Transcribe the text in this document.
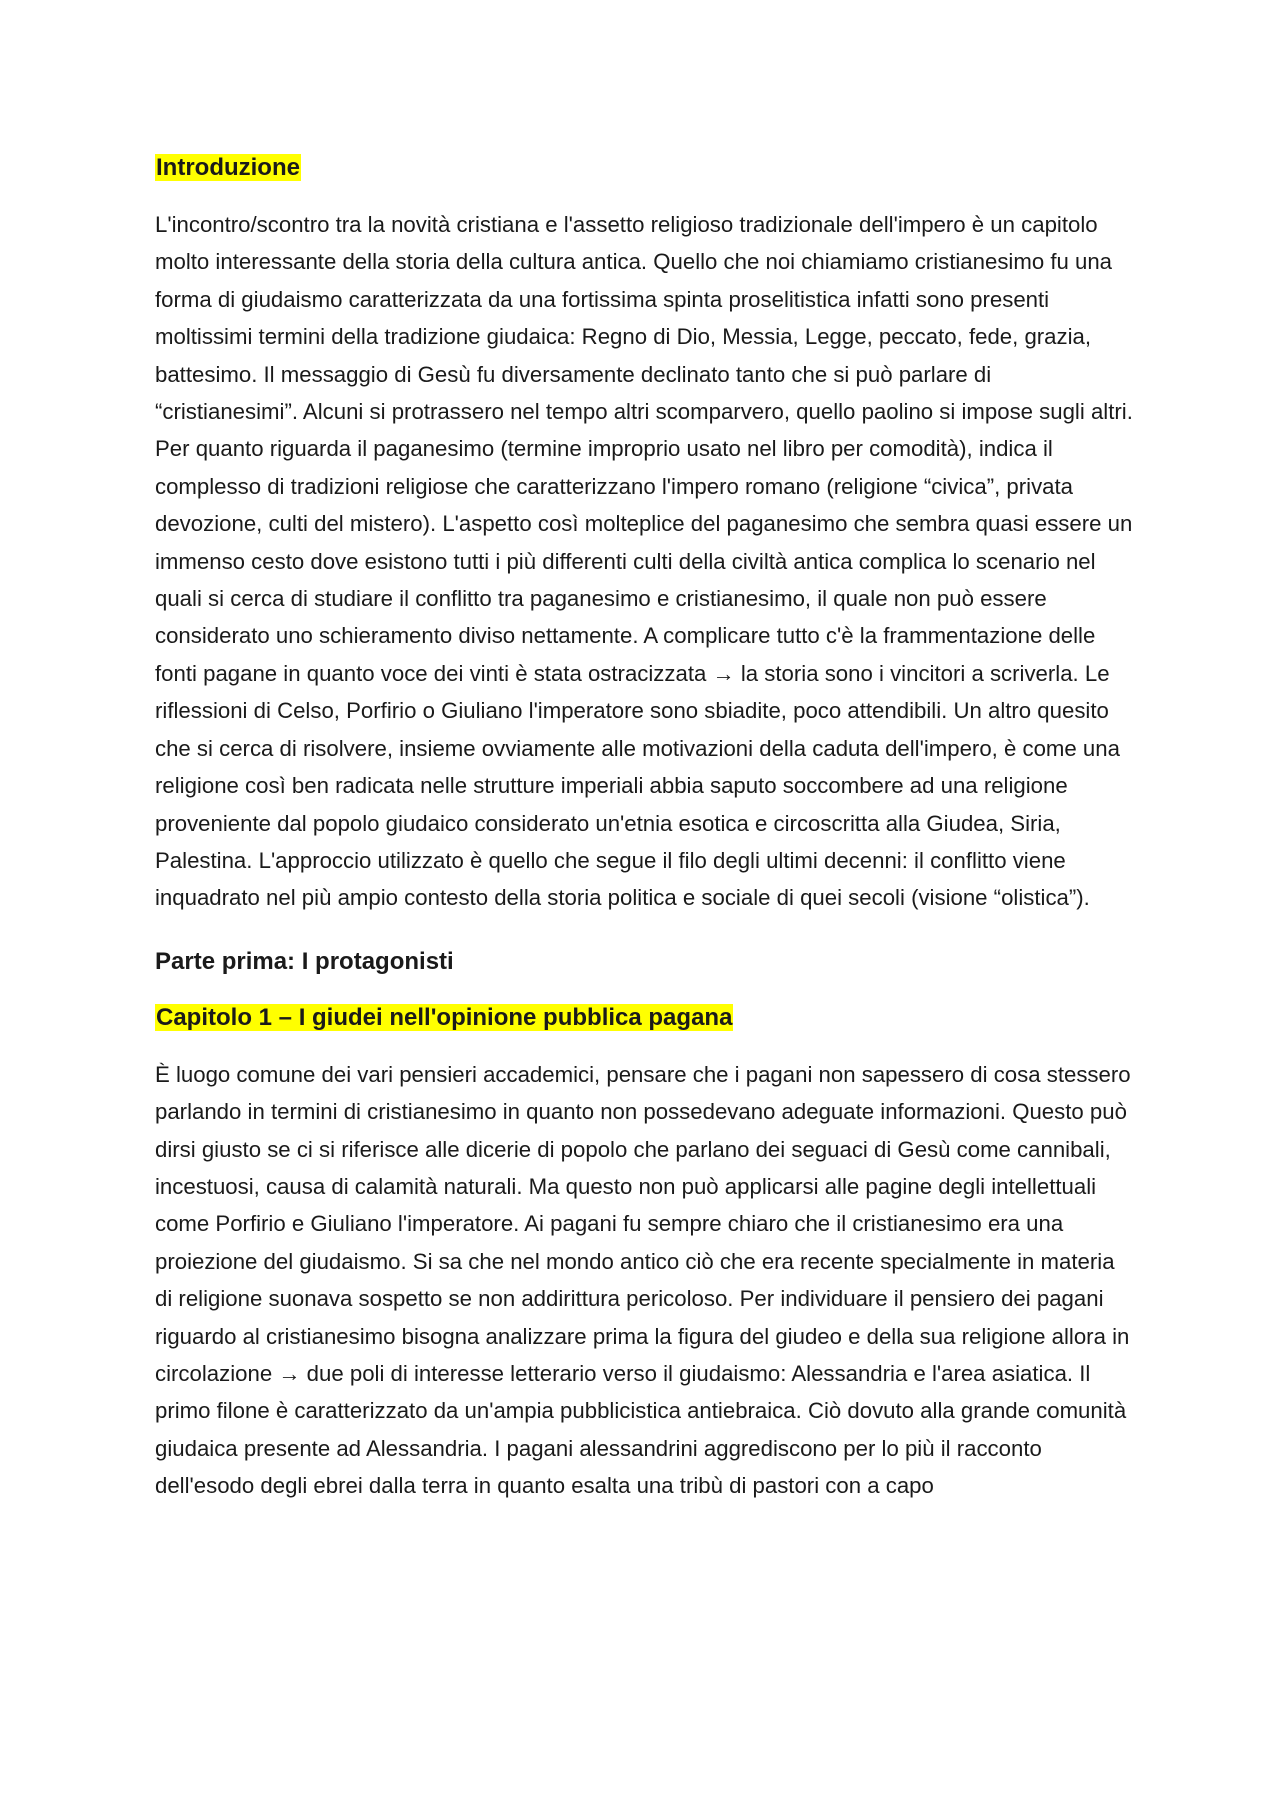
Introduzione

L'incontro/scontro tra la novità cristiana e l'assetto religioso tradizionale dell'impero è un capitolo molto interessante della storia della cultura antica. Quello che noi chiamiamo cristianesimo fu una forma di giudaismo caratterizzata da una fortissima spinta proselitistica infatti sono presenti moltissimi termini della tradizione giudaica: Regno di Dio, Messia, Legge, peccato, fede, grazia, battesimo. Il messaggio di Gesù fu diversamente declinato tanto che si può parlare di “cristianesimi”. Alcuni si protrassero nel tempo altri scomparvero, quello paolino si impose sugli altri. Per quanto riguarda il paganesimo (termine improprio usato nel libro per comodità), indica il complesso di tradizioni religiose che caratterizzano l'impero romano (religione “civica”, privata devozione, culti del mistero). L'aspetto così molteplice del paganesimo che sembra quasi essere un immenso cesto dove esistono tutti i più differenti culti della civiltà antica complica lo scenario nel quali si cerca di studiare il conflitto tra paganesimo e cristianesimo, il quale non può essere considerato uno schieramento diviso nettamente. A complicare tutto c'è la frammentazione delle fonti pagane in quanto voce dei vinti è stata ostracizzata → la storia sono i vincitori a scriverla. Le riflessioni di Celso, Porfirio o Giuliano l'imperatore sono sbiadite, poco attendibili. Un altro quesito che si cerca di risolvere, insieme ovviamente alle motivazioni della caduta dell'impero, è come una religione così ben radicata nelle strutture imperiali abbia saputo soccombere ad una religione proveniente dal popolo giudaico considerato un'etnia esotica e circoscritta alla Giudea, Siria, Palestina. L'approccio utilizzato è quello che segue il filo degli ultimi decenni: il conflitto viene inquadrato nel più ampio contesto della storia politica e sociale di quei secoli (visione “olistica”).

Parte prima: I protagonisti
Capitolo 1 – I giudei nell'opinione pubblica pagana

È luogo comune dei vari pensieri accademici, pensare che i pagani non sapessero di cosa stessero parlando in termini di cristianesimo in quanto non possedevano adeguate informazioni. Questo può dirsi giusto se ci si riferisce alle dicerie di popolo che parlano dei seguaci di Gesù come cannibali, incestuosi, causa di calamità naturali. Ma questo non può applicarsi alle pagine degli intellettuali come Porfirio e Giuliano l'imperatore. Ai pagani fu sempre chiaro che il cristianesimo era una proiezione del giudaismo. Si sa che nel mondo antico ciò che era recente specialmente in materia di religione suonava sospetto se non addirittura pericoloso. Per individuare il pensiero dei pagani riguardo al cristianesimo bisogna analizzare prima la figura del giudeo e della sua religione allora in circolazione → due poli di interesse letterario verso il giudaismo: Alessandria e l'area asiatica. Il primo filone è caratterizzato da un'ampia pubblicistica antiebraica. Ciò dovuto alla grande comunità giudaica presente ad Alessandria. I pagani alessandrini aggrediscono per lo più il racconto dell'esodo degli ebrei dalla terra in quanto esalta una tribù di pastori con a capo
